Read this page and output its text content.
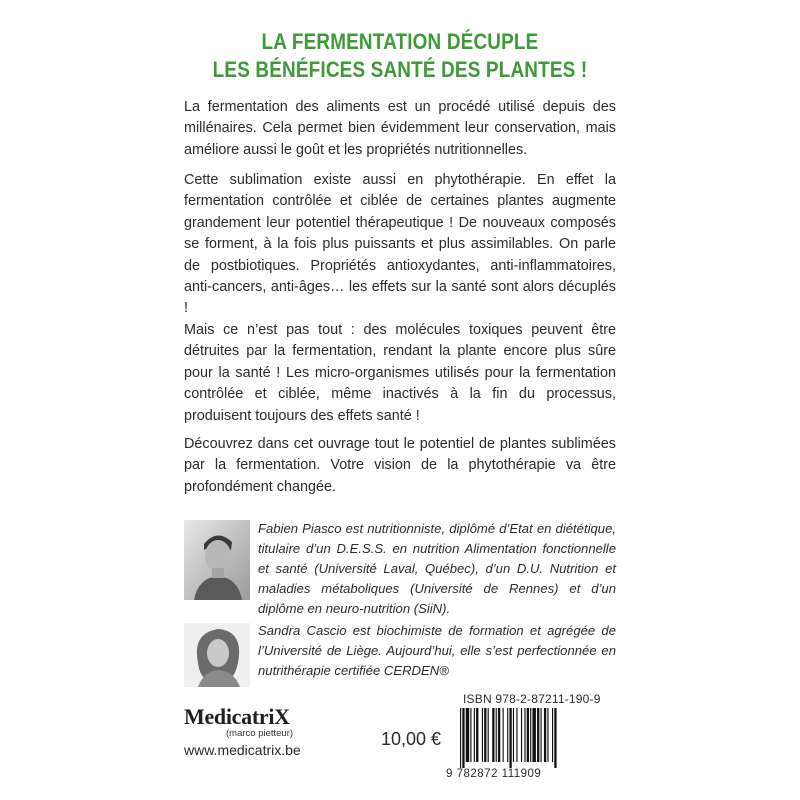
LA FERMENTATION DÉCUPLE
LES BÉNÉFICES SANTÉ DES PLANTES !

La fermentation des aliments est un procédé utilisé depuis des millénaires. Cela permet bien évidemment leur conservation, mais améliore aussi le goût et les propriétés nutritionnelles.

Cette sublimation existe aussi en phytothérapie. En effet la fermentation contrôlée et ciblée de certaines plantes augmente grandement leur potentiel thérapeutique ! De nouveaux composés se forment, à la fois plus puissants et plus assimilables. On parle de postbiotiques. Propriétés antioxydantes, anti-inflammatoires, anti-cancers, anti-âges… les effets sur la santé sont alors décuplés !

Mais ce n’est pas tout : des molécules toxiques peuvent être détruites par la fermentation, rendant la plante encore plus sûre pour la santé ! Les micro-organismes utilisés pour la fermentation contrôlée et ciblée, même inactivés à la fin du processus, produisent toujours des effets santé !

Découvrez dans cet ouvrage tout le potentiel de plantes sublimées par la fermentation. Votre vision de la phytothérapie va être profondément changée.

Fabien Piasco est nutritionniste, diplômé d’Etat en diététique, titulaire d’un D.E.S.S. en nutrition Alimentation fonctionnelle et santé (Université Laval, Québec), d’un D.U. Nutrition et maladies métaboliques (Université de Rennes) et d’un diplôme en neuro-nutrition (SiiN).

Sandra Cascio est biochimiste de formation et agrégée de l’Université de Liège. Aujourd’hui, elle s’est perfectionnée en nutrithérapie certifiée CERDEN®

MedicatriX
(marco pietteur)
www.medicatrix.be
10,00 €
ISBN 978-2-87211-190-9
9 782872 111909
